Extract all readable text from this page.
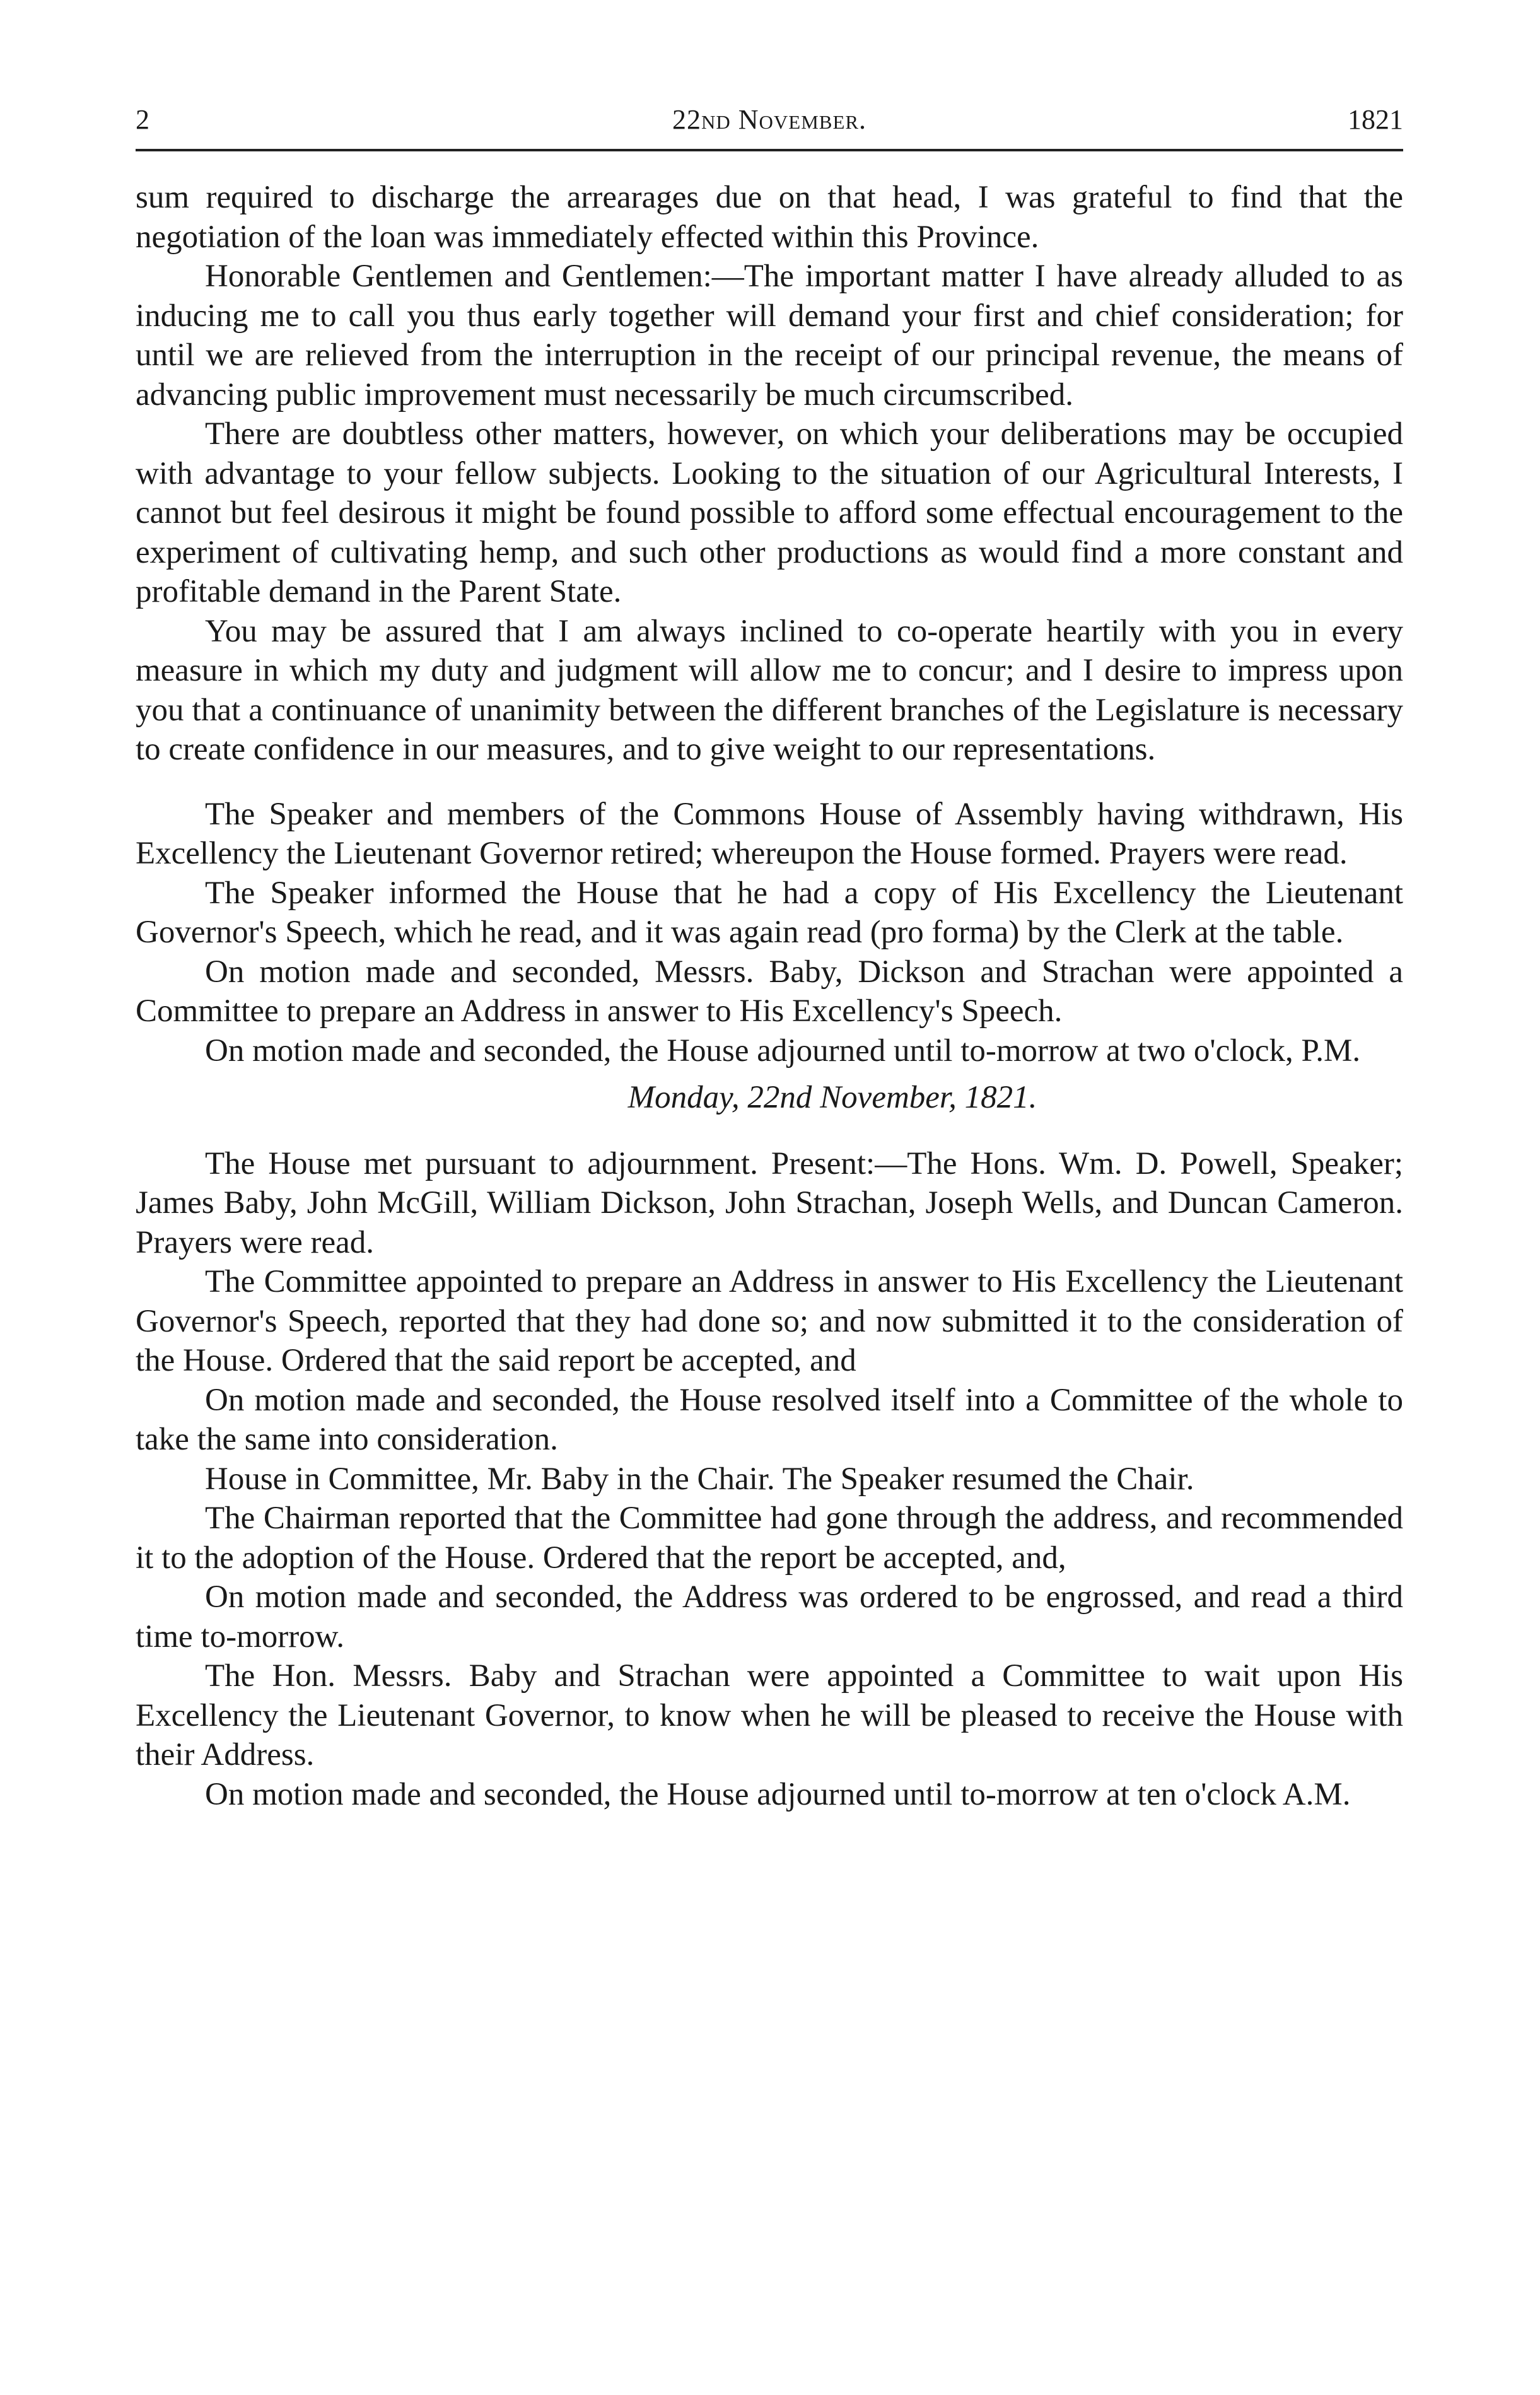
2	22nd November.	1821

sum required to discharge the arrearages due on that head, I was grateful to find that the negotiation of the loan was immediately effected within this Province.

Honorable Gentlemen and Gentlemen:—The important matter I have already alluded to as inducing me to call you thus early together will demand your first and chief consideration; for until we are relieved from the interruption in the receipt of our principal revenue, the means of advancing public improvement must necessarily be much circumscribed.

There are doubtless other matters, however, on which your deliberations may be occupied with advantage to your fellow subjects. Looking to the situation of our Agricultural Interests, I cannot but feel desirous it might be found possible to afford some effectual encouragement to the experiment of cultivating hemp, and such other productions as would find a more constant and profitable demand in the Parent State.

You may be assured that I am always inclined to co-operate heartily with you in every measure in which my duty and judgment will allow me to concur; and I desire to impress upon you that a continuance of unanimity between the different branches of the Legislature is necessary to create confidence in our measures, and to give weight to our representations.

The Speaker and members of the Commons House of Assembly having withdrawn, His Excellency the Lieutenant Governor retired; whereupon the House formed. Prayers were read.

The Speaker informed the House that he had a copy of His Excellency the Lieutenant Governor's Speech, which he read, and it was again read (pro forma) by the Clerk at the table.

On motion made and seconded, Messrs. Baby, Dickson and Strachan were appointed a Committee to prepare an Address in answer to His Excellency's Speech.

On motion made and seconded, the House adjourned until to-morrow at two o'clock, P.M.

Monday, 22nd November, 1821.

The House met pursuant to adjournment. Present:—The Hons. Wm. D. Powell, Speaker; James Baby, John McGill, William Dickson, John Strachan, Joseph Wells, and Duncan Cameron. Prayers were read.

The Committee appointed to prepare an Address in answer to His Excellency the Lieutenant Governor's Speech, reported that they had done so; and now submitted it to the consideration of the House. Ordered that the said report be accepted, and

On motion made and seconded, the House resolved itself into a Committee of the whole to take the same into consideration.

House in Committee, Mr. Baby in the Chair. The Speaker resumed the Chair.

The Chairman reported that the Committee had gone through the address, and recommended it to the adoption of the House. Ordered that the report be accepted, and,

On motion made and seconded, the Address was ordered to be engrossed, and read a third time to-morrow.

The Hon. Messrs. Baby and Strachan were appointed a Committee to wait upon His Excellency the Lieutenant Governor, to know when he will be pleased to receive the House with their Address.

On motion made and seconded, the House adjourned until to-morrow at ten o'clock A.M.
